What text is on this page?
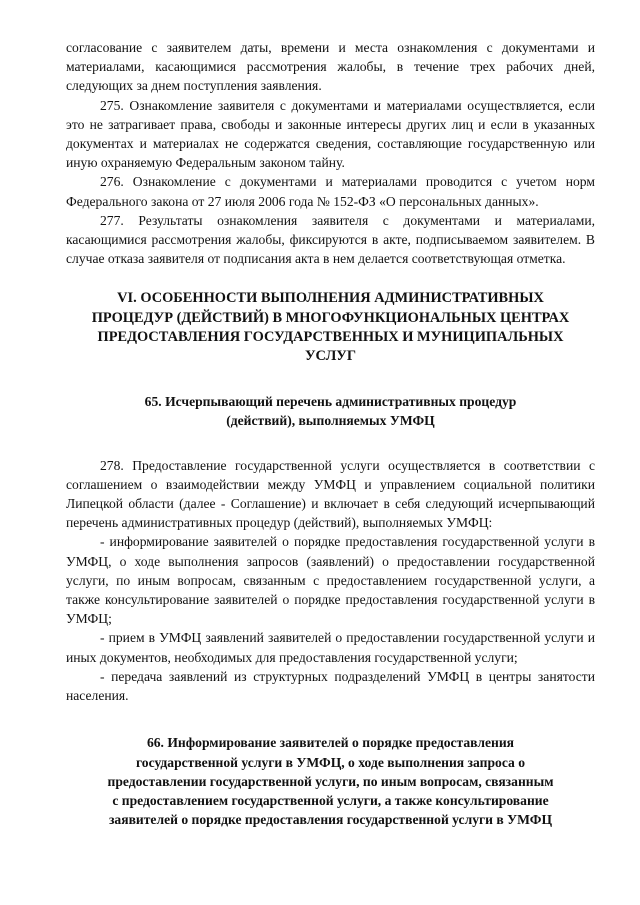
согласование с заявителем даты, времени и места ознакомления с документами и материалами, касающимися рассмотрения жалобы, в течение трех рабочих дней, следующих за днем поступления заявления.

275. Ознакомление заявителя с документами и материалами осуществляется, если это не затрагивает права, свободы и законные интересы других лиц и если в указанных документах и материалах не содержатся сведения, составляющие государственную или иную охраняемую Федеральным законом тайну.

276. Ознакомление с документами и материалами проводится с учетом норм Федерального закона от 27 июля 2006 года № 152-ФЗ «О персональных данных».

277. Результаты ознакомления заявителя с документами и материалами, касающимися рассмотрения жалобы, фиксируются в акте, подписываемом заявителем. В случае отказа заявителя от подписания акта в нем делается соответствующая отметка.

VI. ОСОБЕННОСТИ ВЫПОЛНЕНИЯ АДМИНИСТРАТИВНЫХ ПРОЦЕДУР (ДЕЙСТВИЙ) В МНОГОФУНКЦИОНАЛЬНЫХ ЦЕНТРАХ ПРЕДОСТАВЛЕНИЯ ГОСУДАРСТВЕННЫХ И МУНИЦИПАЛЬНЫХ УСЛУГ
65. Исчерпывающий перечень административных процедур (действий), выполняемых УМФЦ

278. Предоставление государственной услуги осуществляется в соответствии с соглашением о взаимодействии между УМФЦ и управлением социальной политики Липецкой области (далее - Соглашение) и включает в себя следующий исчерпывающий перечень административных процедур (действий), выполняемых УМФЦ:

- информирование заявителей о порядке предоставления государственной услуги в УМФЦ, о ходе выполнения запросов (заявлений) о предоставлении государственной услуги, по иным вопросам, связанным с предоставлением государственной услуги, а также консультирование заявителей о порядке предоставления государственной услуги в УМФЦ;

- прием в УМФЦ заявлений заявителей о предоставлении государственной услуги и иных документов, необходимых для предоставления государственной услуги;

- передача заявлений из структурных подразделений УМФЦ в центры занятости населения.

66. Информирование заявителей о порядке предоставления государственной услуги в УМФЦ, о ходе выполнения запроса о предоставлении государственной услуги, по иным вопросам, связанным с предоставлением государственной услуги, а также консультирование заявителей о порядке предоставления государственной услуги в УМФЦ
